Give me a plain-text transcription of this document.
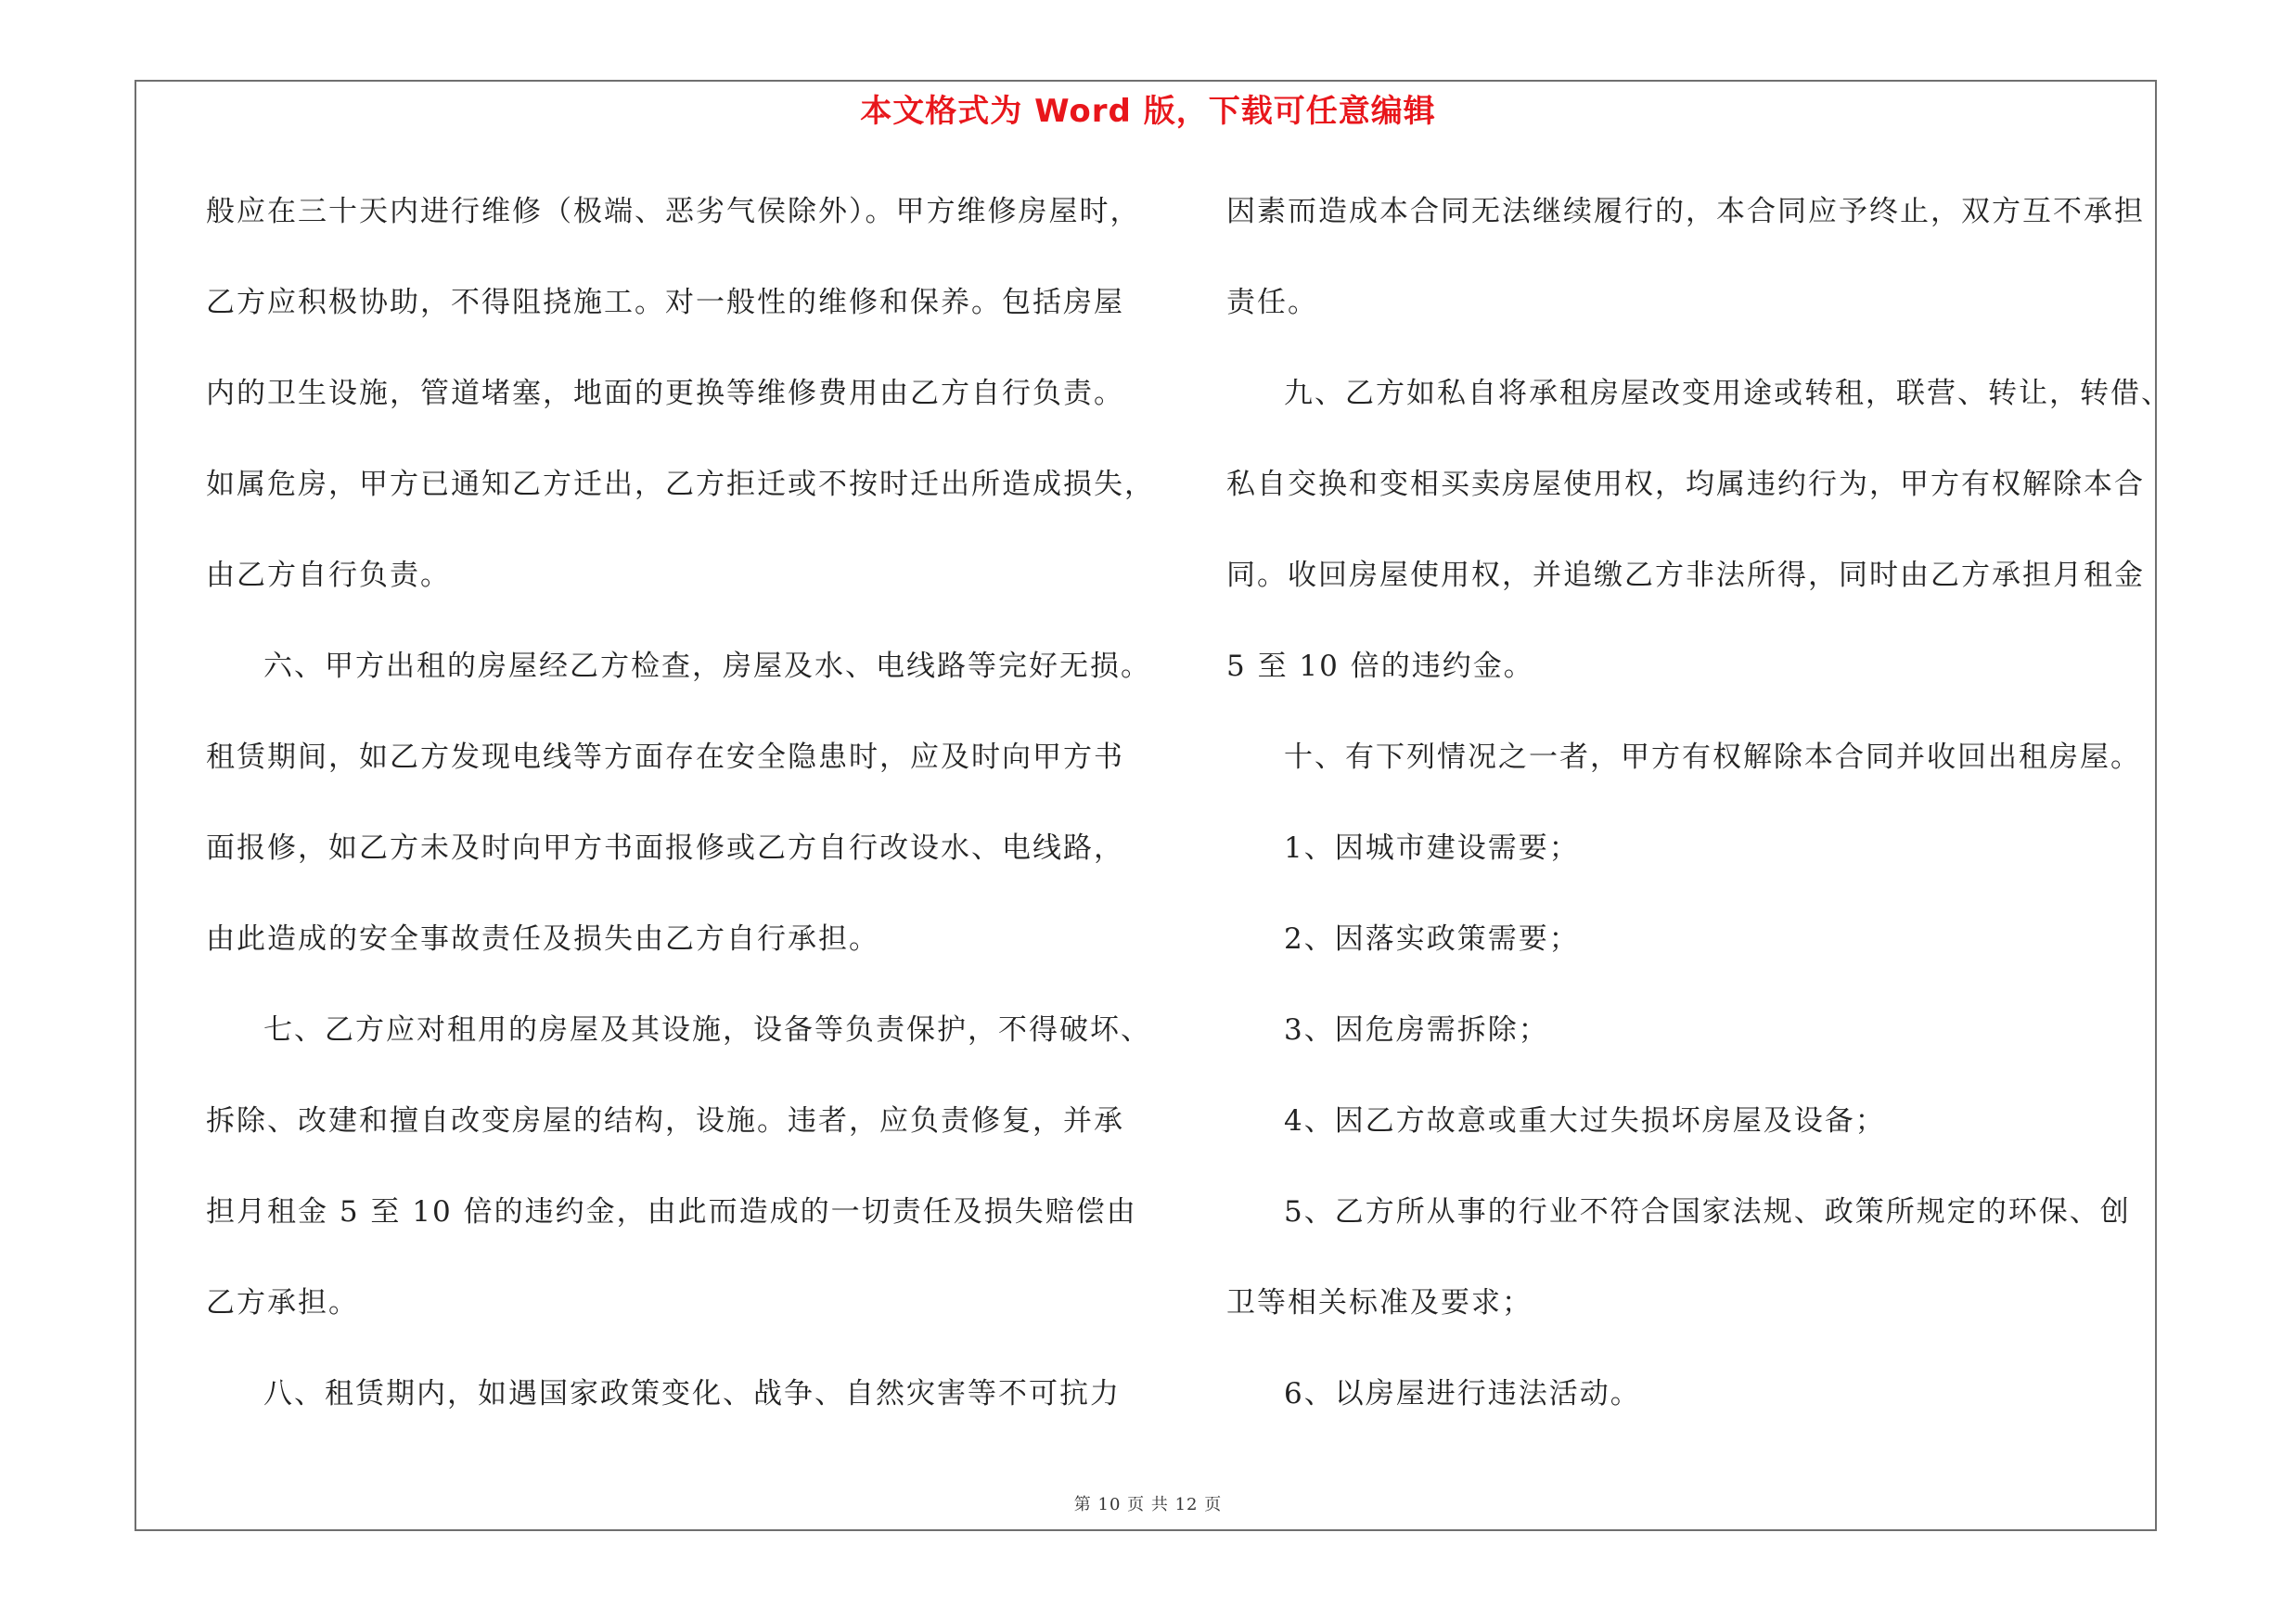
本文格式为 Word 版，下载可任意编辑
般应在三十天内进行维修（极端、恶劣气侯除外）。甲方维修房屋时，
乙方应积极协助，不得阻挠施工。对一般性的维修和保养。包括房屋
内的卫生设施，管道堵塞，地面的更换等维修费用由乙方自行负责。
如属危房，甲方已通知乙方迁出，乙方拒迁或不按时迁出所造成损失，
由乙方自行负责。
六、甲方出租的房屋经乙方检查，房屋及水、电线路等完好无损。
租赁期间，如乙方发现电线等方面存在安全隐患时，应及时向甲方书
面报修，如乙方未及时向甲方书面报修或乙方自行改设水、电线路，
由此造成的安全事故责任及损失由乙方自行承担。
七、乙方应对租用的房屋及其设施，设备等负责保护，不得破坏、
拆除、改建和擅自改变房屋的结构，设施。违者，应负责修复，并承
担月租金 5 至 10 倍的违约金，由此而造成的一切责任及损失赔偿由
乙方承担。
八、租赁期内，如遇国家政策变化、战争、自然灾害等不可抗力
因素而造成本合同无法继续履行的，本合同应予终止，双方互不承担
责任。
九、乙方如私自将承租房屋改变用途或转租，联营、转让，转借、
私自交换和变相买卖房屋使用权，均属违约行为，甲方有权解除本合
同。收回房屋使用权，并追缴乙方非法所得，同时由乙方承担月租金
5 至 10 倍的违约金。
十、有下列情况之一者，甲方有权解除本合同并收回出租房屋。
1、因城市建设需要；
2、因落实政策需要；
3、因危房需拆除；
4、因乙方故意或重大过失损坏房屋及设备；
5、乙方所从事的行业不符合国家法规、政策所规定的环保、创
卫等相关标准及要求；
6、以房屋进行违法活动。
第 10 页 共 12 页
